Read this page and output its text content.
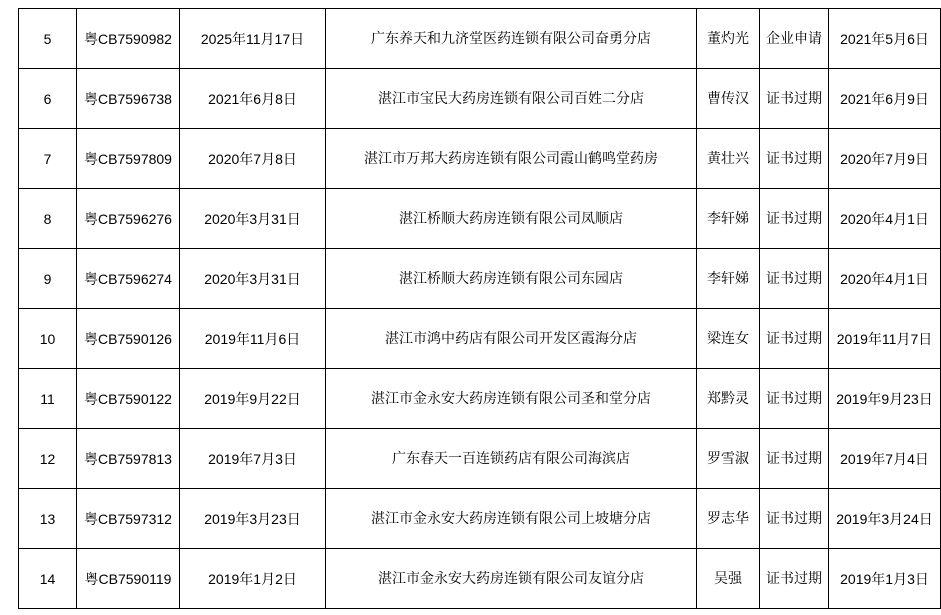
5	粤CB7590982	2025年11月17日	广东养天和九济堂医药连锁有限公司奋勇分店	董灼光	企业申请	2021年5月6日
6	粤CB7596738	2021年6月8日	湛江市宝民大药房连锁有限公司百姓二分店	曹传汉	证书过期	2021年6月9日
7	粤CB7597809	2020年7月8日	湛江市万邦大药房连锁有限公司霞山鹤鸣堂药房	黄壮兴	证书过期	2020年7月9日
8	粤CB7596276	2020年3月31日	湛江桥顺大药房连锁有限公司凤顺店	李轩娣	证书过期	2020年4月1日
9	粤CB7596274	2020年3月31日	湛江桥顺大药房连锁有限公司东园店	李轩娣	证书过期	2020年4月1日
10	粤CB7590126	2019年11月6日	湛江市鸿中药店有限公司开发区霞海分店	梁连女	证书过期	2019年11月7日
11	粤CB7590122	2019年9月22日	湛江市金永安大药房连锁有限公司圣和堂分店	郑黔灵	证书过期	2019年9月23日
12	粤CB7597813	2019年7月3日	广东春天一百连锁药店有限公司海滨店	罗雪淑	证书过期	2019年7月4日
13	粤CB7597312	2019年3月23日	湛江市金永安大药房连锁有限公司上坡塘分店	罗志华	证书过期	2019年3月24日
14	粤CB7590119	2019年1月2日	湛江市金永安大药房连锁有限公司友谊分店	吴强	证书过期	2019年1月3日
